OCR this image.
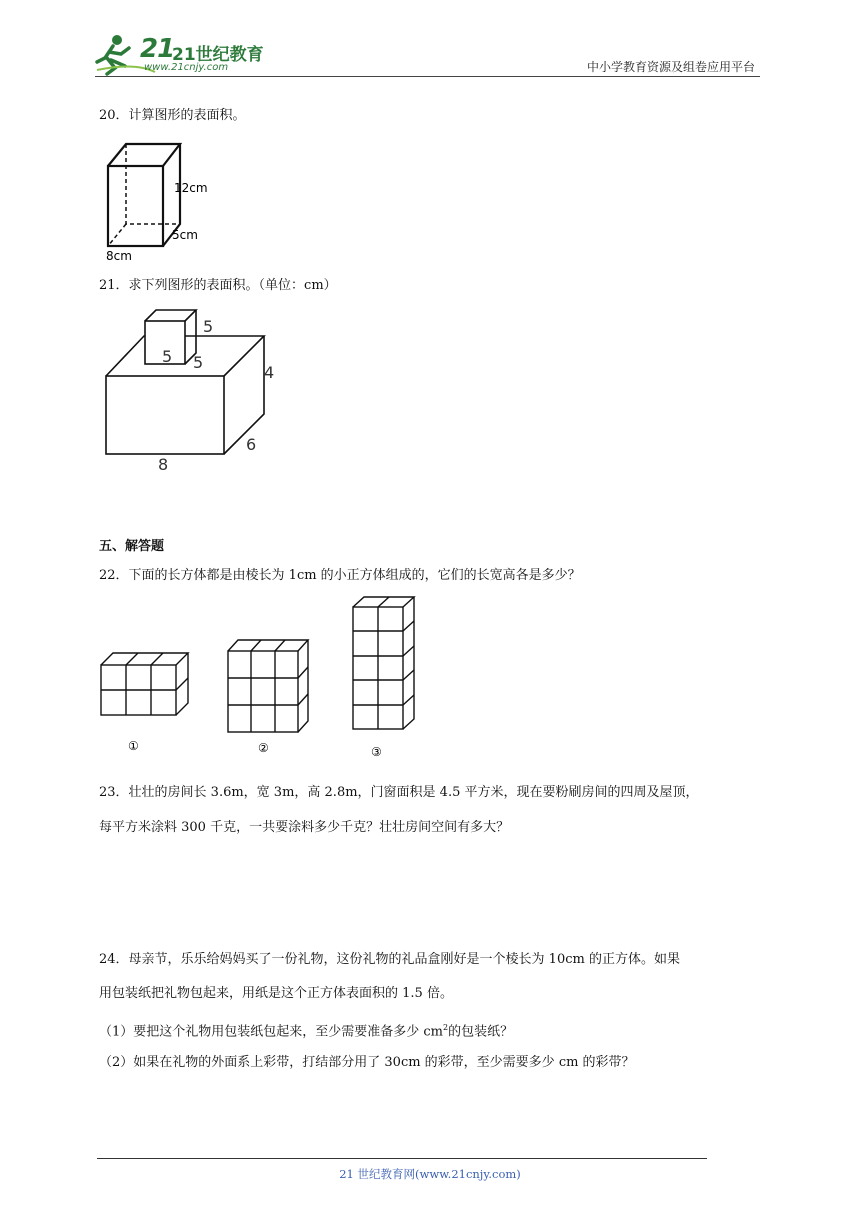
21
21世纪教育
www.21cnjy.com	中小学教育资源及组卷应用平台
20．计算图形的表面积。
12cm
5cm
8cm
21．求下列图形的表面积。（单位：cm）
5
5 5
4
6
8
五、解答题
22．下面的长方体都是由棱长为 1cm 的小正方体组成的，它们的长宽高各是多少？
①	②	③
23．壮壮的房间长 3.6m，宽 3m，高 2.8m，门窗面积是 4.5 平方米，现在要粉刷房间的四周及屋顶，
每平方米涂料 300 千克，一共要涂料多少千克？壮壮房间空间有多大？
24．母亲节，乐乐给妈妈买了一份礼物，这份礼物的礼品盒刚好是一个棱长为 10cm 的正方体。如果
用包装纸把礼物包起来，用纸是这个正方体表面积的 1.5 倍。
（1）要把这个礼物用包装纸包起来，至少需要准备多少 $cm^2$的包装纸？
（2）如果在礼物的外面系上彩带，打结部分用了 30cm 的彩带，至少需要多少 cm 的彩带？
21 世纪教育网(www.21cnjy.com)
